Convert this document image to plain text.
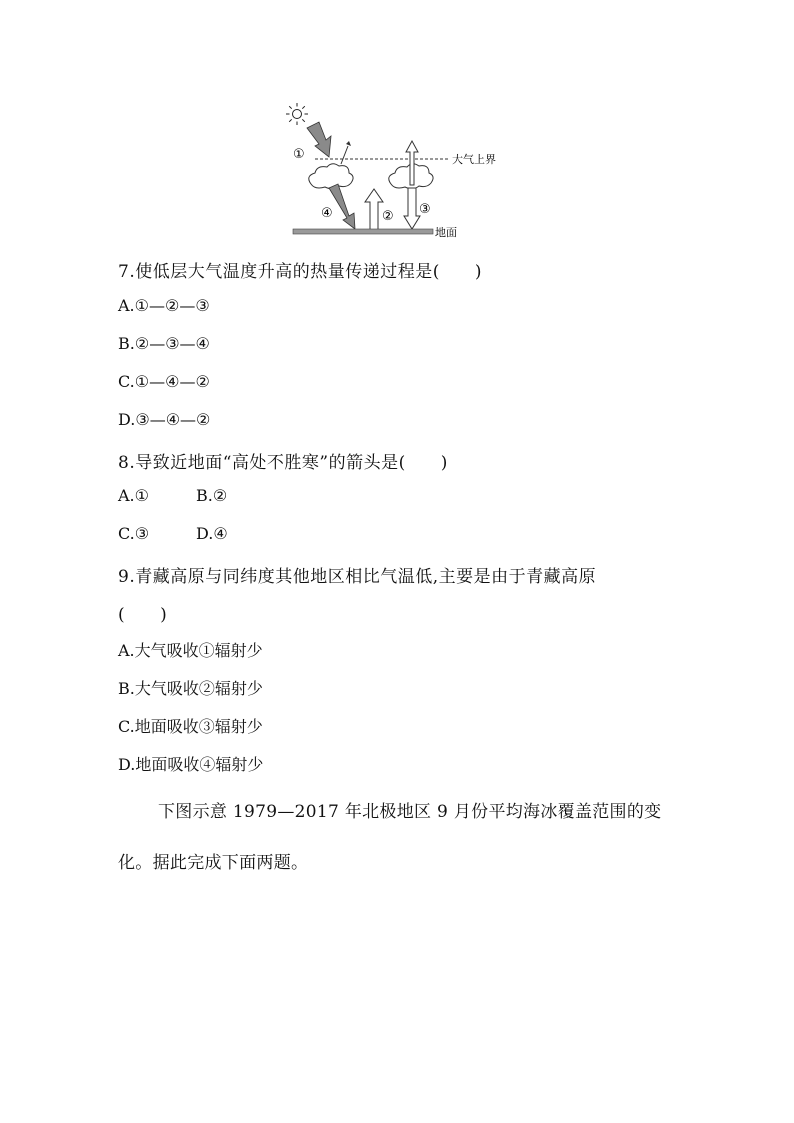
大气上界
①
④	② ③
地面
7.使低层大气温度升高的热量传递过程是(　　)
A.①—②—③
B.②—③—④
C.①—④—②
D.③—④—②
8.导致近地面“高处不胜寒”的箭头是(　　)
A.①	B.②
C.③	D.④
9.青藏高原与同纬度其他地区相比气温低,主要是由于青藏高原
(　　)
A.大气吸收①辐射少
B.大气吸收②辐射少
C.地面吸收③辐射少
D.地面吸收④辐射少
下图示意 1979—2017 年北极地区 9 月份平均海冰覆盖范围的变
化。据此完成下面两题。
